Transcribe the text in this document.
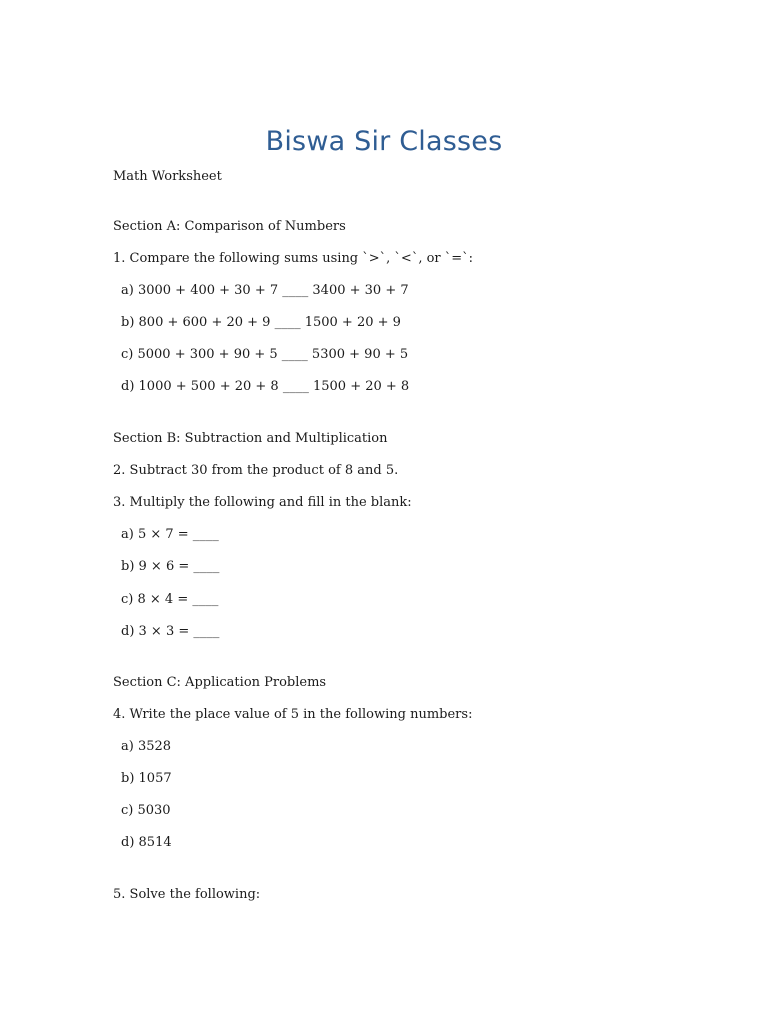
Biswa Sir Classes

Math Worksheet

Section A: Comparison of Numbers

1. Compare the following sums using `>`, `<`, or `=`:

a) 3000 + 400 + 30 + 7 ____ 3400 + 30 + 7

b) 800 + 600 + 20 + 9 ____ 1500 + 20 + 9

c) 5000 + 300 + 90 + 5 ____ 5300 + 90 + 5

d) 1000 + 500 + 20 + 8 ____ 1500 + 20 + 8

Section B: Subtraction and Multiplication

2. Subtract 30 from the product of 8 and 5.

3. Multiply the following and fill in the blank:

a) 5 × 7 = ____

b) 9 × 6 = ____

c) 8 × 4 = ____

d) 3 × 3 = ____

Section C: Application Problems

4. Write the place value of 5 in the following numbers:

a) 3528

b) 1057

c) 5030

d) 8514

5. Solve the following:
